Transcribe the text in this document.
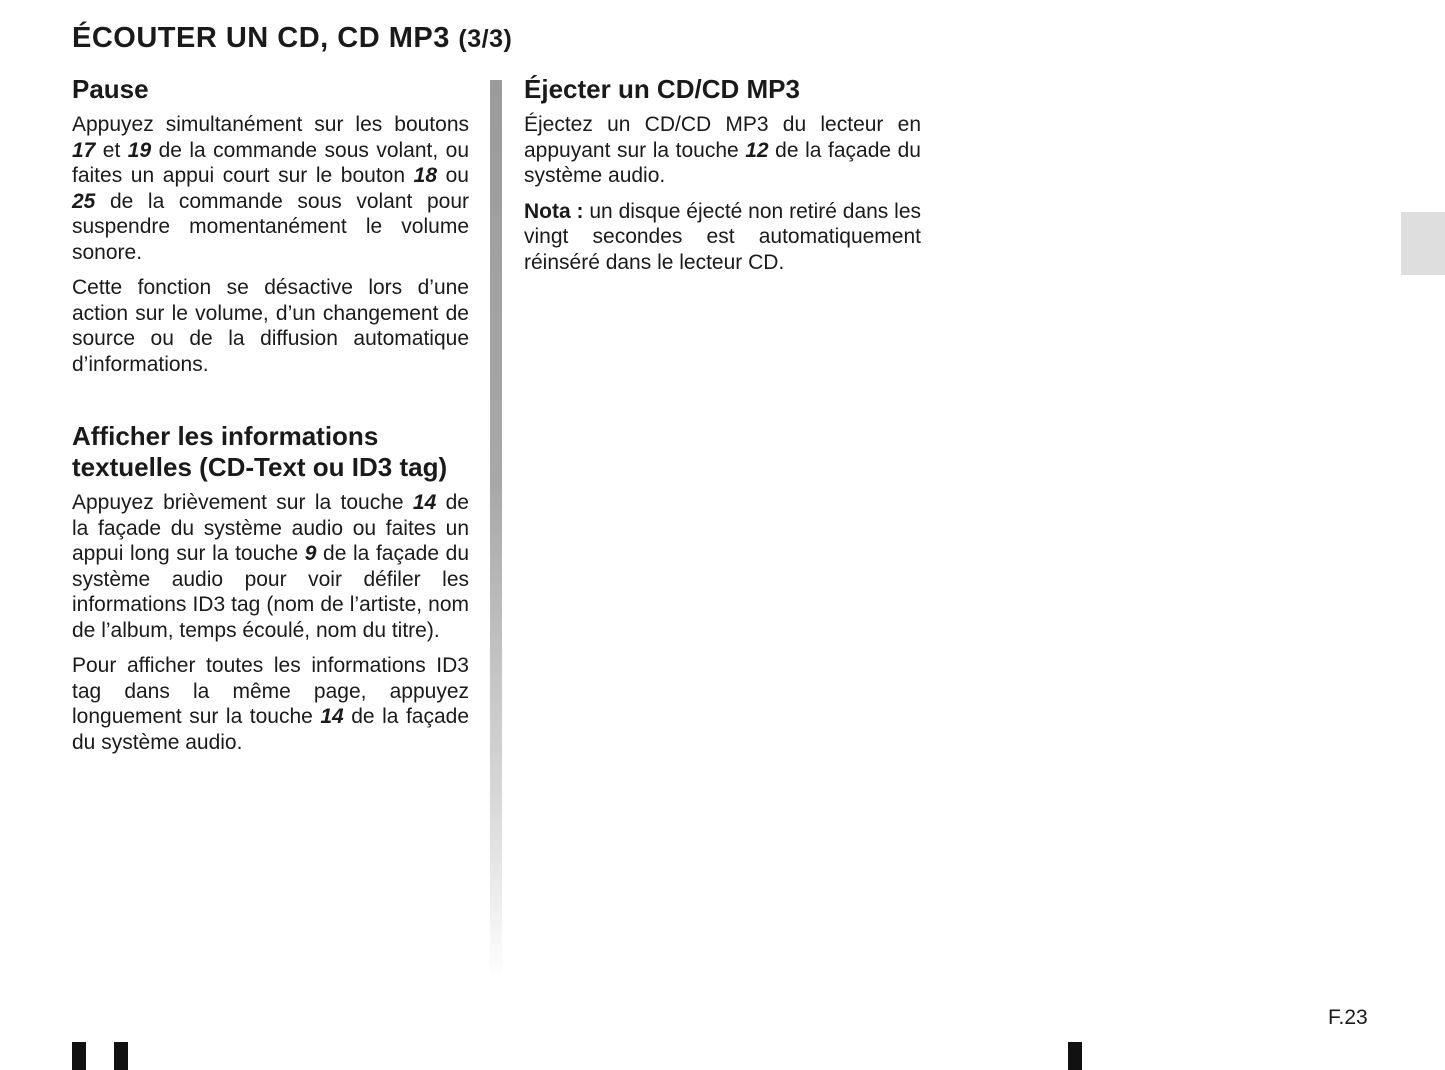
ÉCOUTER UN CD, CD MP3 (3/3)
Pause

Appuyez simultanément sur les boutons 17 et 19 de la commande sous volant, ou faites un appui court sur le bouton 18 ou 25 de la commande sous volant pour suspendre momentanément le volume sonore.

Cette fonction se désactive lors d’une action sur le volume, d’un changement de source ou de la diffusion automatique d’informations.

Afficher les informations textuelles (CD-Text ou ID3 tag)

Appuyez brièvement sur la touche 14 de la façade du système audio ou faites un appui long sur la touche 9 de la façade du système audio pour voir défiler les informations ID3 tag (nom de l’artiste, nom de l’album, temps écoulé, nom du titre).

Pour afficher toutes les informations ID3 tag dans la même page, appuyez longuement sur la touche 14 de la façade du système audio.

Éjecter un CD/CD MP3

Éjectez un CD/CD MP3 du lecteur en appuyant sur la touche 12 de la façade du système audio.

Nota : un disque éjecté non retiré dans les vingt secondes est automatiquement réinséré dans le lecteur CD.

F.23
